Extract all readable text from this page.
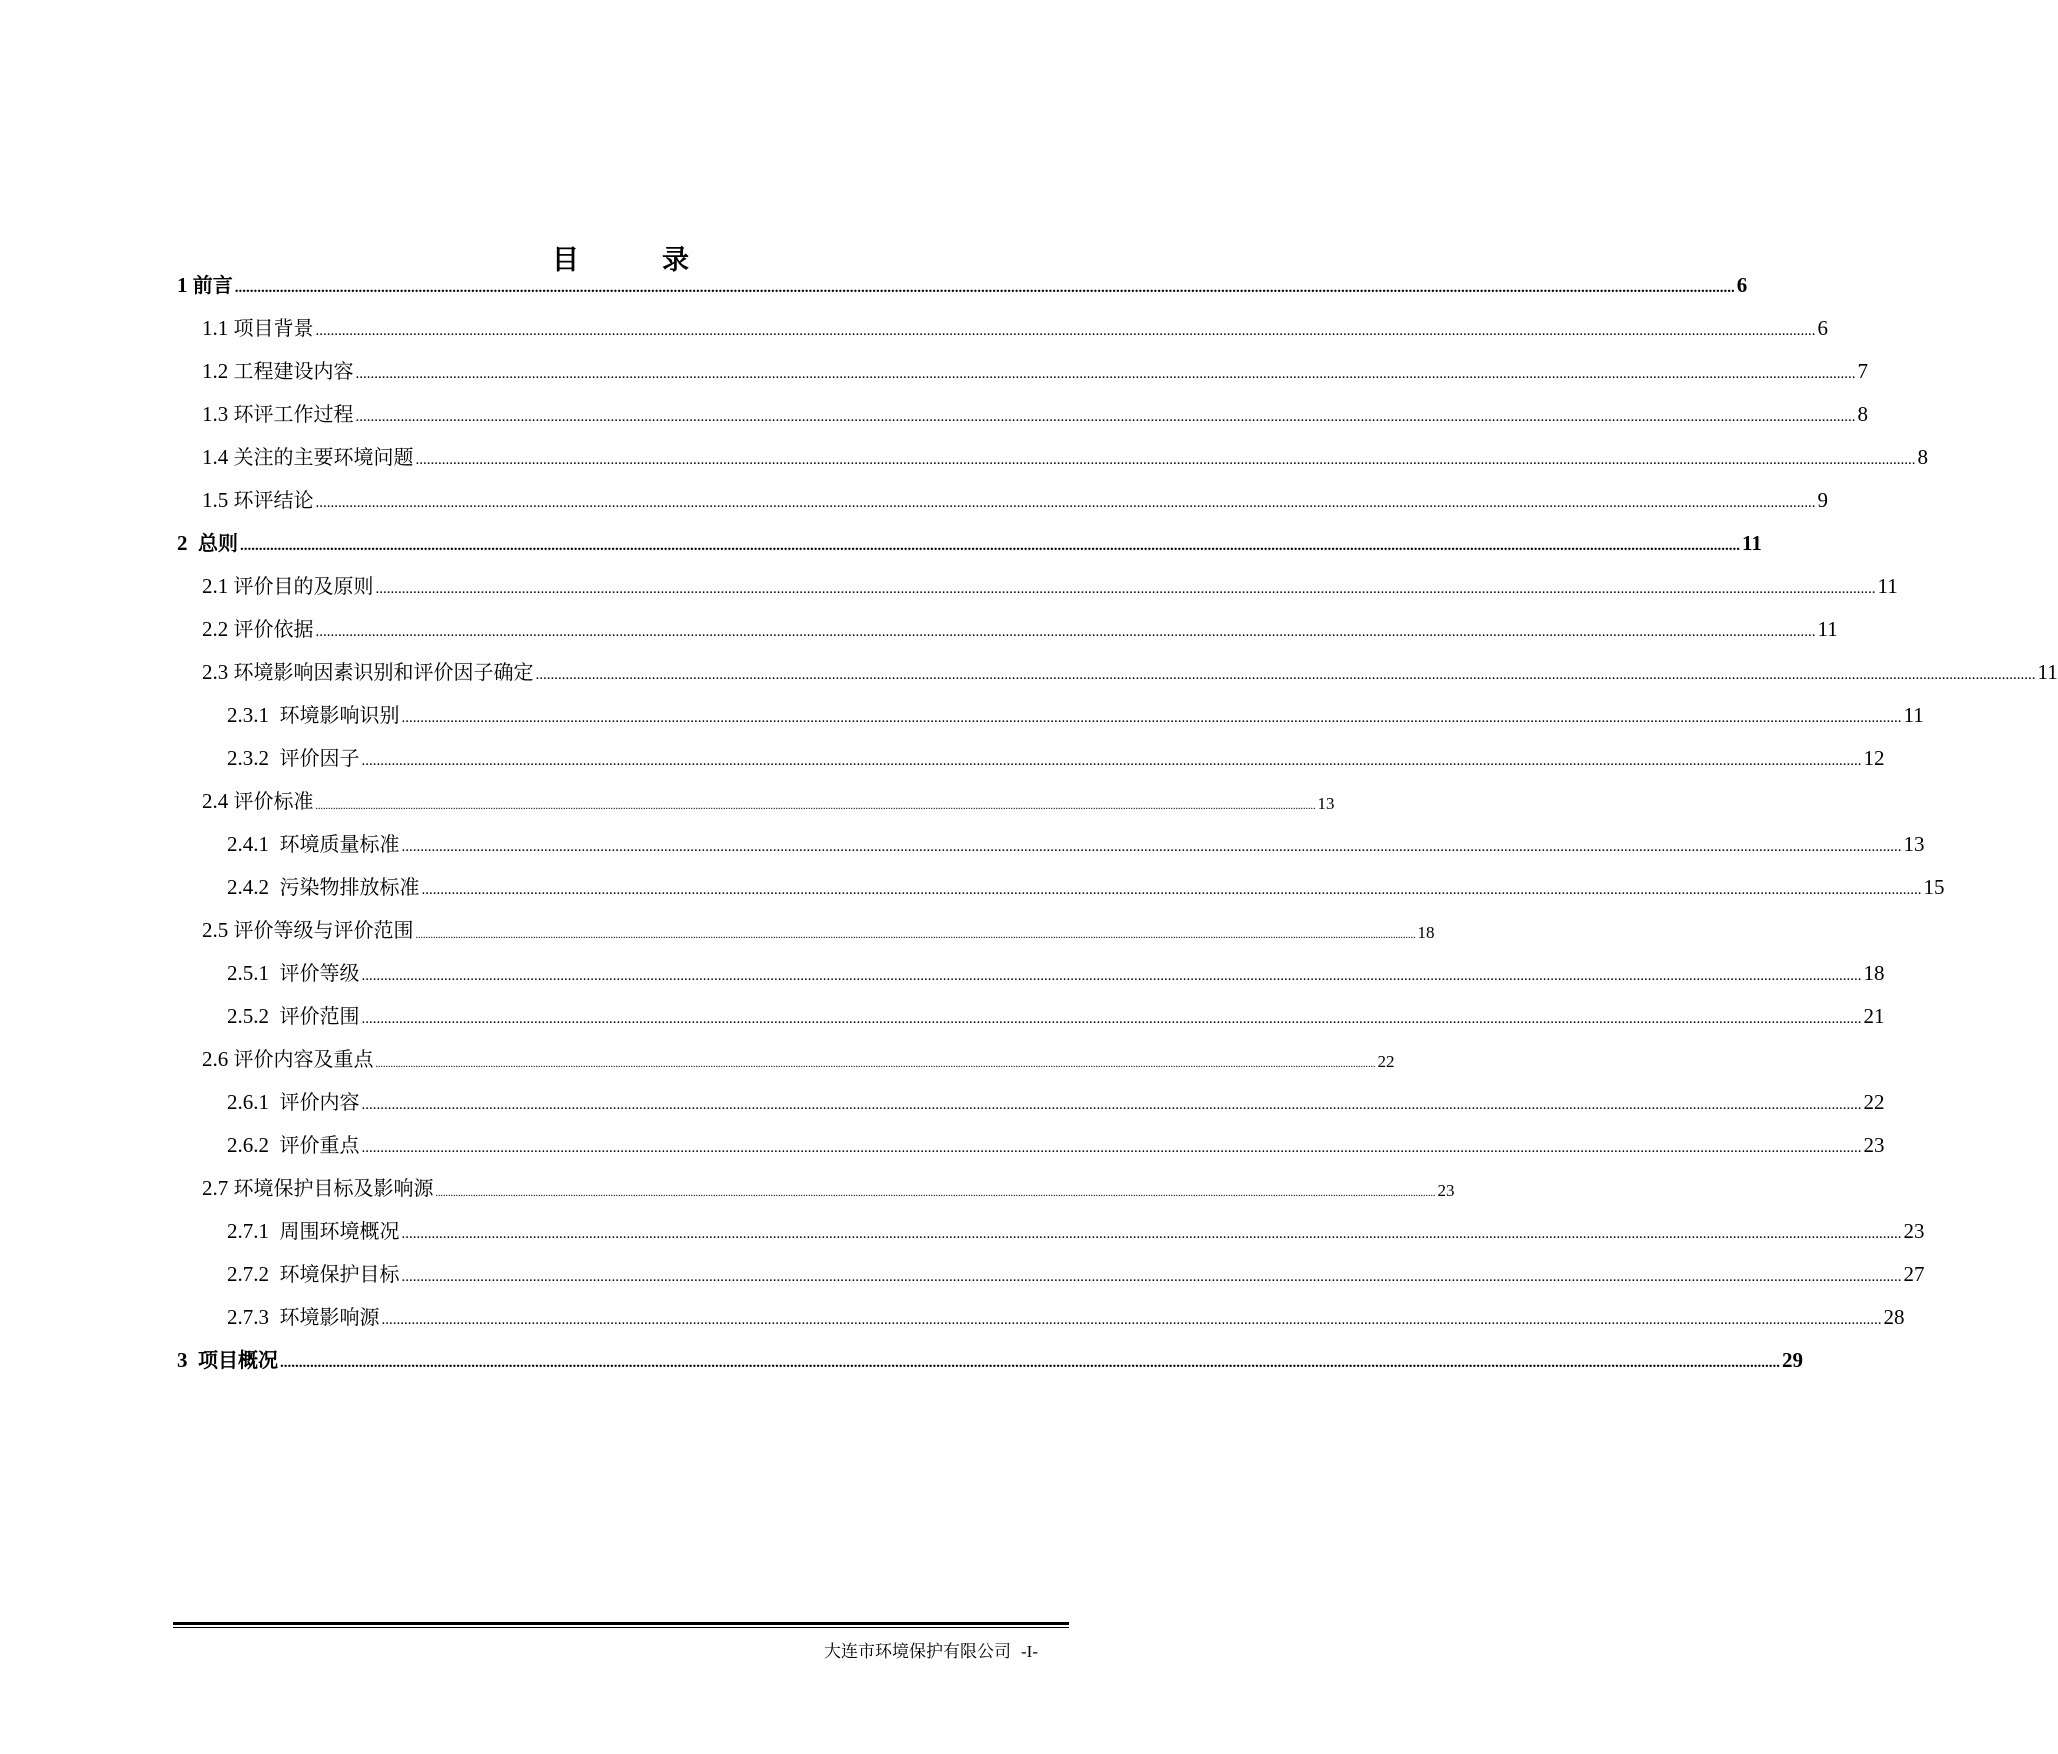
目　录
1 前言 ................................................................................................................................................................................................................................................................................................................................................................................................................ 6
1.1 项目背景 ................................................................................................................................................................................................................................................................................................................................................................................................................ 6
1.2 工程建设内容 ................................................................................................................................................................................................................................................................................................................................................................................................................ 7
1.3 环评工作过程 ................................................................................................................................................................................................................................................................................................................................................................................................................ 8
1.4 关注的主要环境问题 ................................................................................................................................................................................................................................................................................................................................................................................................................ 8
1.5 环评结论 ................................................................................................................................................................................................................................................................................................................................................................................................................ 9
2 总则 ................................................................................................................................................................................................................................................................................................................................................................................................................ 11
2.1 评价目的及原则 ................................................................................................................................................................................................................................................................................................................................................................................................................ 11
2.2 评价依据 ................................................................................................................................................................................................................................................................................................................................................................................................................ 11
2.3 环境影响因素识别和评价因子确定 ................................................................................................................................................................................................................................................................................................................................................................................................................ 11
2.3.1 环境影响识别 ................................................................................................................................................................................................................................................................................................................................................................................................................ 11
2.3.2 评价因子 ................................................................................................................................................................................................................................................................................................................................................................................................................ 12
2.4 评价标准 ................................................................................................................................................................................................................................................................................................................................................................................................................ 13
2.4.1 环境质量标准 ................................................................................................................................................................................................................................................................................................................................................................................................................ 13
2.4.2 污染物排放标准 ................................................................................................................................................................................................................................................................................................................................................................................................................ 15
2.5 评价等级与评价范围 ................................................................................................................................................................................................................................................................................................................................................................................................................ 18
2.5.1 评价等级 ................................................................................................................................................................................................................................................................................................................................................................................................................ 18
2.5.2 评价范围 ................................................................................................................................................................................................................................................................................................................................................................................................................ 21
2.6 评价内容及重点 ................................................................................................................................................................................................................................................................................................................................................................................................................ 22
2.6.1 评价内容 ................................................................................................................................................................................................................................................................................................................................................................................................................ 22
2.6.2 评价重点 ................................................................................................................................................................................................................................................................................................................................................................................................................ 23
2.7 环境保护目标及影响源 ................................................................................................................................................................................................................................................................................................................................................................................................................ 23
2.7.1 周围环境概况 ................................................................................................................................................................................................................................................................................................................................................................................................................ 23
2.7.2 环境保护目标 ................................................................................................................................................................................................................................................................................................................................................................................................................ 27
2.7.3 环境影响源 ................................................................................................................................................................................................................................................................................................................................................................................................................ 28
3 项目概况 ................................................................................................................................................................................................................................................................................................................................................................................................................ 29
大连市环境保护有限公司 -I-
